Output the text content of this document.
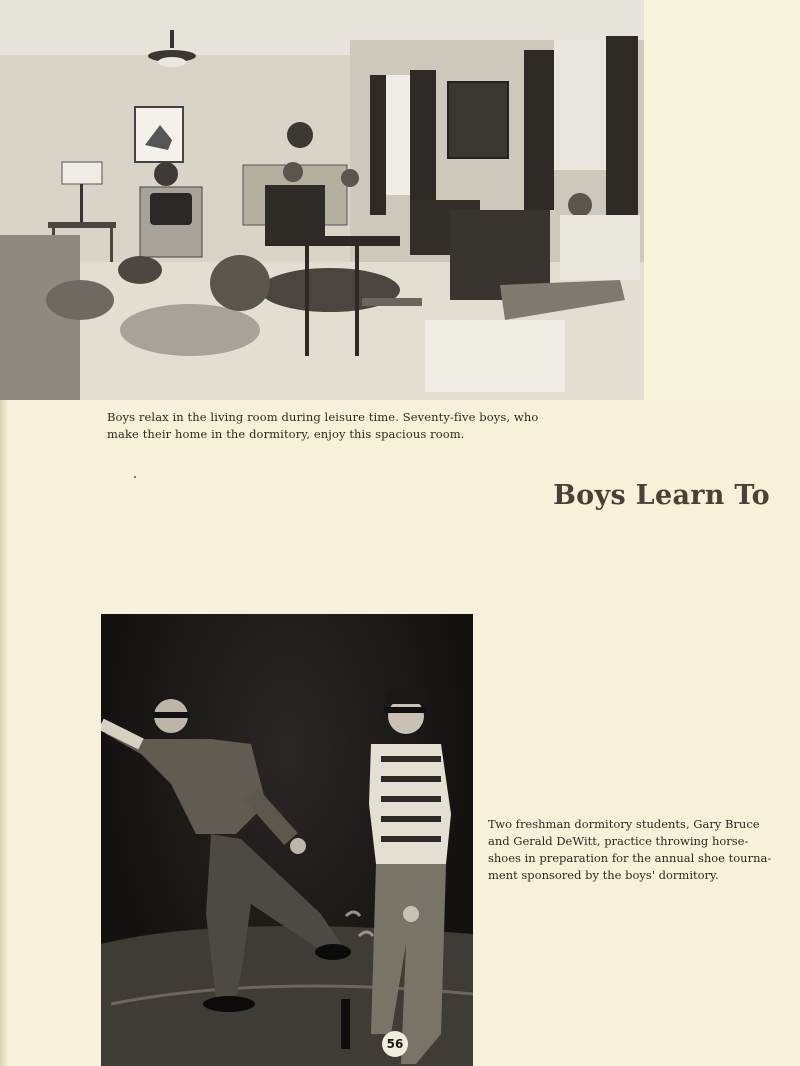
Boys relax in the living room during leisure time. Seventy-five boys, who
make their home in the dormitory, enjoy this spacious room.
Boys Learn To
Two freshman dormitory students, Gary Bruce
and Gerald DeWitt, practice throwing horse-
shoes in preparation for the annual shoe tourna-
ment sponsored by the boys' dormitory.
56
